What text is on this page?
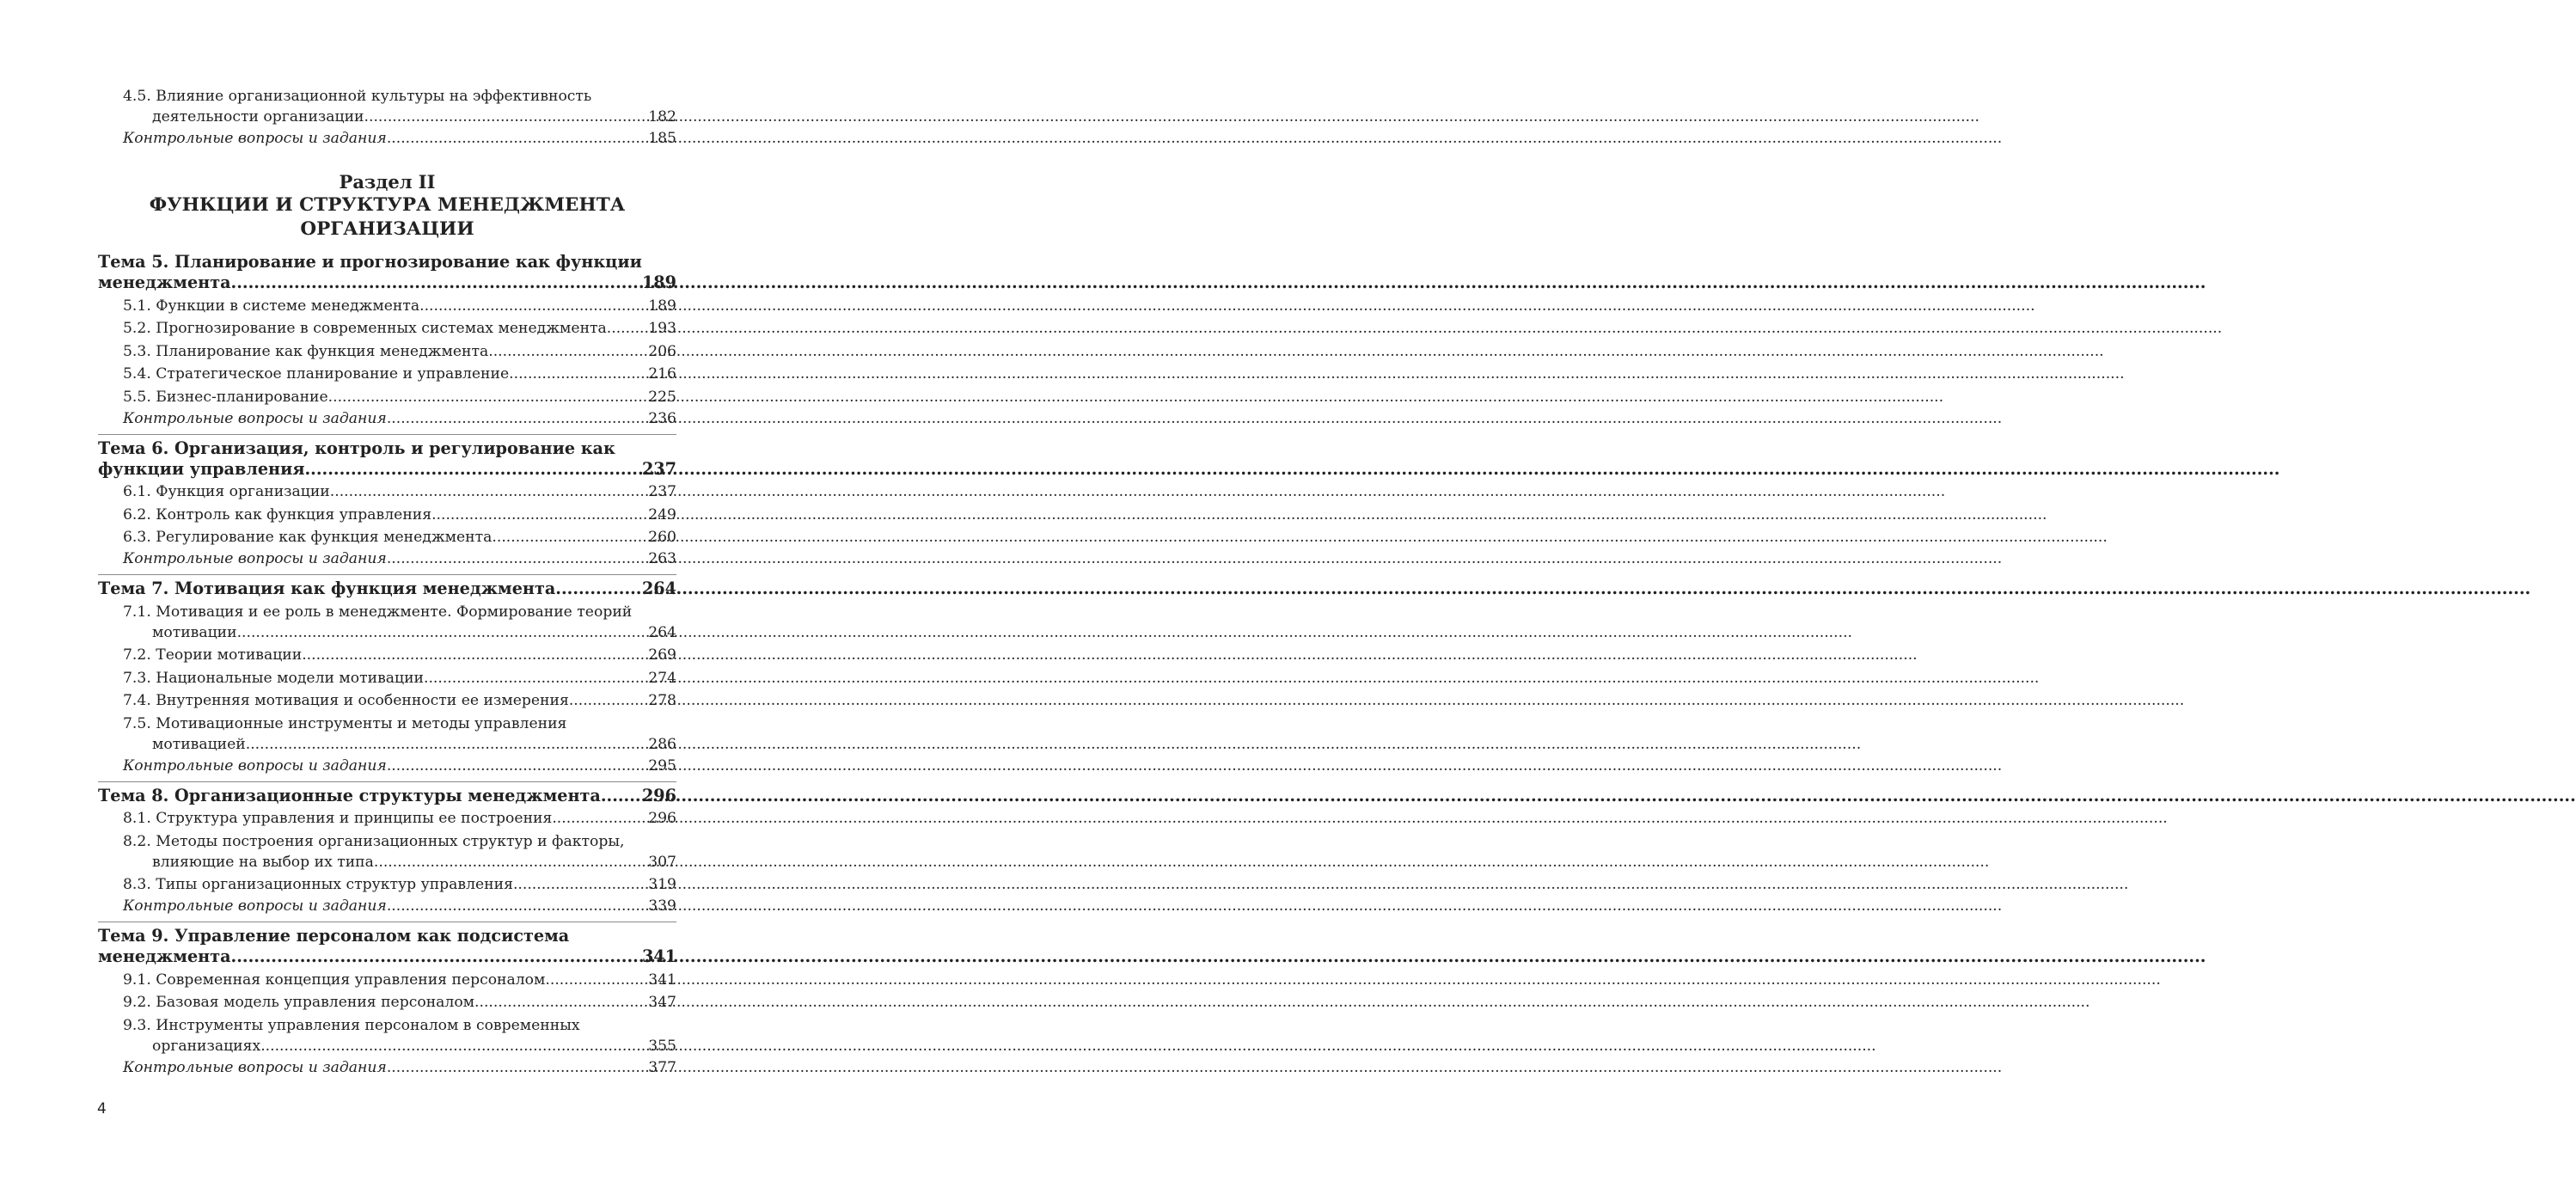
4.5. Влияние организационной культуры на эффективность
деятельности организации .....	182
Контрольные вопросы и задания .....	185
Раздел II
ФУНКЦИИ И СТРУКТУРА МЕНЕДЖМЕНТА
ОРГАНИЗАЦИИ
Тема 5. Планирование и прогнозирование как функции
менеджмента .....	189
5.1. Функции в системе менеджмента .....	189
5.2. Прогнозирование в современных системах менеджмента .....	193
5.3. Планирование как функция менеджмента .....	206
5.4. Стратегическое планирование и управление .....	216
5.5. Бизнес-планирование .....	225
Контрольные вопросы и задания .....	236
Тема 6. Организация, контроль и регулирование как
функции управления .....	237
6.1. Функция организации .....	237
6.2. Контроль как функция управления .....	249
6.3. Регулирование как функция менеджмента .....	260
Контрольные вопросы и задания .....	263
Тема 7. Мотивация как функция менеджмента .....	264
7.1. Мотивация и ее роль в менеджменте. Формирование теорий
мотивации .....	264
7.2. Теории мотивации .....	269
7.3. Национальные модели мотивации .....	274
7.4. Внутренняя мотивация и особенности ее измерения .....	278
7.5. Мотивационные инструменты и методы управления
мотивацией .....	286
Контрольные вопросы и задания .....	295
Тема 8. Организационные структуры менеджмента .....	296
8.1. Структура управления и принципы ее построения .....	296
8.2. Методы построения организационных структур и факторы,
влияющие на выбор их типа .....	307
8.3. Типы организационных структур управления .....	319
Контрольные вопросы и задания .....	339
Тема 9. Управление персоналом как подсистема
менеджмента .....	341
9.1. Современная концепция управления персоналом .....	341
9.2. Базовая модель управления персоналом .....	347
9.3. Инструменты управления персоналом в современных
организациях .....	355
Контрольные вопросы и задания .....	377
4
